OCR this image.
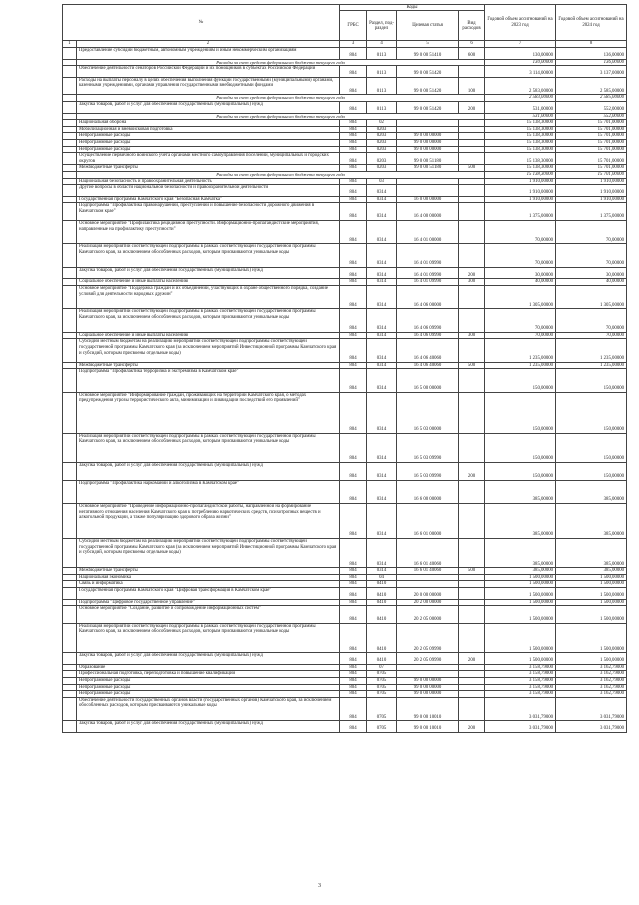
№		Коды				Годовой объем ассигнований на 2023 год	Годовой объем ассигнований на 2024 год
		ГРБС	Раздел, под-раздел	Целевая статья	Вид расходов		
1	2	3	4	5	6	7	8
	Предоставление субсидий бюджетным, автономным учреждениям и иным некоммерческим организациям	804	0113	99 0 00 51410	600	130,00000	136,00000
	Расходы за счет средств федерального бюджета текущего года					130,00000	136,00000
	Обеспечение деятельности сенаторов Российской Федерации и их помощников в субъектах Российской Федерации	804	0113	99 0 00 51420		3 114,00000	3 137,00000
	Расходы на выплаты персоналу в целях обеспечения выполнения функций государственными (муниципальными) органами, казенными учреждениями, органами управления государственными внебюджетными фондами	804	0113	99 0 00 51420	100	2 583,00000	2 585,00000
	Расходы за счет средств федерального бюджета текущего года					2 583,00000	2 585,00000
	Закупка товаров, работ и услуг для обеспечения государственных (муниципальных) нужд	804	0113	99 0 00 51420	200	531,00000	552,00000
	Расходы за счет средств федерального бюджета текущего года					531,00000	552,00000
	Национальная оборона	804	02			15 138,30000	15 701,00000
	Мобилизационная и вневойсковая подготовка	804	0203			15 138,30000	15 701,00000
	Непрограммные расходы	804	0203	99 0 00 00000		15 138,30000	15 701,00000
	Непрограммные расходы	804	0203	99 0 00 00000		15 138,30000	15 701,00000
	Непрограммные расходы	804	0203	99 0 00 00000		15 138,30000	15 701,00000
	Осуществление первичного воинского учета органами местного самоуправления поселений, муниципальных и городских округов	804	0203	99 0 00 51180		15 138,30000	15 701,00000
	Межбюджетные трансферты	804	0203	99 0 00 51180	500	15 138,30000	15 701,00000
	Расходы за счет средств федерального бюджета текущего года					15 138,30000	15 701,00000
	Национальная безопасность и правоохранительная деятельность	804	03			1 910,00000	1 910,00000
	Другие вопросы в области национальной безопасности и правоохранительной деятельности	804	0314			1 910,00000	1 910,00000
	Государственная программа Камчатского края "Безопасная Камчатка"	804	0314	16 0 00 00000		1 910,00000	1 910,00000
	Подпрограмма "Профилактика правонарушений, преступлений и повышение безопасности дорожного движения в Камчатском крае"	804	0314	16 4 00 00000		1 375,00000	1 375,00000
	Основное мероприятие "Профилактика рецидивной преступности. Информационно-пропагандистские мероприятия, направленные на профилактику преступности"	804	0314	16 4 01 00000		70,00000	70,00000
	Реализация мероприятий соответствующей подпрограммы в рамках соответствующей государственной программы Камчатского края, за исключением обособленных расходов, которым присваиваются уникальные коды	804	0314	16 4 01 09990		70,00000	70,00000
	Закупка товаров, работ и услуг для обеспечения государственных (муниципальных) нужд	804	0314	16 4 01 09990	200	30,00000	30,00000
	Социальное обеспечение и иные выплаты населению	804	0314	16 4 01 09990	300	40,00000	40,00000
	Основное мероприятие "Поддержка граждан и их объединений, участвующих в охране общественного порядка, создание условий для деятельности народных дружин"	804	0314	16 4 06 00000		1 305,00000	1 305,00000
	Реализация мероприятий соответствующей подпрограммы в рамках соответствующей государственной программы Камчатского края, за исключением обособленных расходов, которым присваиваются уникальные коды	804	0314	16 4 06 09990		70,00000	70,00000
	Социальное обеспечение и иные выплаты населению	804	0314	16 4 06 09990	300	70,00000	70,00000
	Субсидии местным бюджетам на реализацию мероприятий соответствующей подпрограммы соответствующей государственной программы Камчатского края (за исключением мероприятий Инвестиционной программы Камчатского края и субсидий, которым присвоены отдельные коды)	804	0314	16 4 06 40060		1 235,00000	1 235,00000
	Межбюджетные трансферты	804	0314	16 4 06 40060	500	1 235,00000	1 235,00000
	Подпрограмма "Профилактика терроризма и экстремизма в Камчатском крае"	804	0314	16 5 00 00000		150,00000	150,00000
	Основное мероприятие "Информирование граждан, проживающих на территории Камчатского края, о методах предупреждения угрозы террористического акта, минимизации и ликвидации последствий его проявлений"	804	0314	16 5 03 00000		150,00000	150,00000
	Реализация мероприятий соответствующей подпрограммы в рамках соответствующей государственной программы Камчатского края, за исключением обособленных расходов, которым присваиваются уникальные коды	804	0314	16 5 03 09990		150,00000	150,00000
	Закупка товаров, работ и услуг для обеспечения государственных (муниципальных) нужд	804	0314	16 5 03 09990	200	150,00000	150,00000
	Подпрограмма "Профилактика наркомании и алкоголизма в Камчатском крае"	804	0314	16 6 00 00000		385,00000	385,00000
	Основное мероприятие "Проведение информационно-пропагандистской работы, направленной на формирование негативного отношения населения Камчатского края к потреблению наркотических средств, психотропных веществ и алкогольной продукции, а также популяризацию здорового образа жизни"	804	0314	16 6 01 00000		385,00000	385,00000
	Субсидии местным бюджетам на реализацию мероприятий соответствующей подпрограммы соответствующей государственной программы Камчатского края (за исключением мероприятий Инвестиционной программы Камчатского края и субсидий, которым присвоены отдельные коды)	804	0314	16 6 01 40060		385,00000	385,00000
	Межбюджетные трансферты	804	0314	16 6 01 40060	500	385,00000	385,00000
	Национальная экономика	804	04			1 500,00000	1 500,00000
	Связь и информатика	804	0410			1 500,00000	1 500,00000
	Государственная программа Камчатского края "Цифровая трансформация в Камчатском крае"	804	0410	20 0 00 00000		1 500,00000	1 500,00000
	Подпрограмма "Цифровое государственное управление"	804	0410	20 2 00 00000		1 500,00000	1 500,00000
	Основное мероприятие "Создание, развитие и сопровождение информационных систем"	804	0410	20 2 05 00000		1 500,00000	1 500,00000
	Реализация мероприятий соответствующей подпрограммы в рамках соответствующей государственной программы Камчатского края, за исключением обособленных расходов, которым присваиваются уникальные коды	804	0410	20 2 05 09990		1 500,00000	1 500,00000
	Закупка товаров, работ и услуг для обеспечения государственных (муниципальных) нужд	804	0410	20 2 05 09990	200	1 500,00000	1 500,00000
	Образование	804	07			3 158,79000	3 162,79000
	Профессиональная подготовка, переподготовка и повышение квалификации	804	0705			3 158,79000	3 162,79000
	Непрограммные расходы	804	0705	99 0 00 00000		3 158,79000	3 162,79000
	Непрограммные расходы	804	0705	99 0 00 00000		3 158,79000	3 162,79000
	Непрограммные расходы	804	0705	99 0 00 00000		3 158,79000	3 162,79000
	Обеспечение деятельности государственных органов власти (государственных органов) Камчатского края, за исключением обособленных расходов, которым присваиваются уникальные коды	804	0705	99 0 00 10010		3 031,79000	3 031,79000
	Закупка товаров, работ и услуг для обеспечения государственных (муниципальных) нужд	804	0705	99 0 00 10010	200	3 031,79000	3 031,79000
3
